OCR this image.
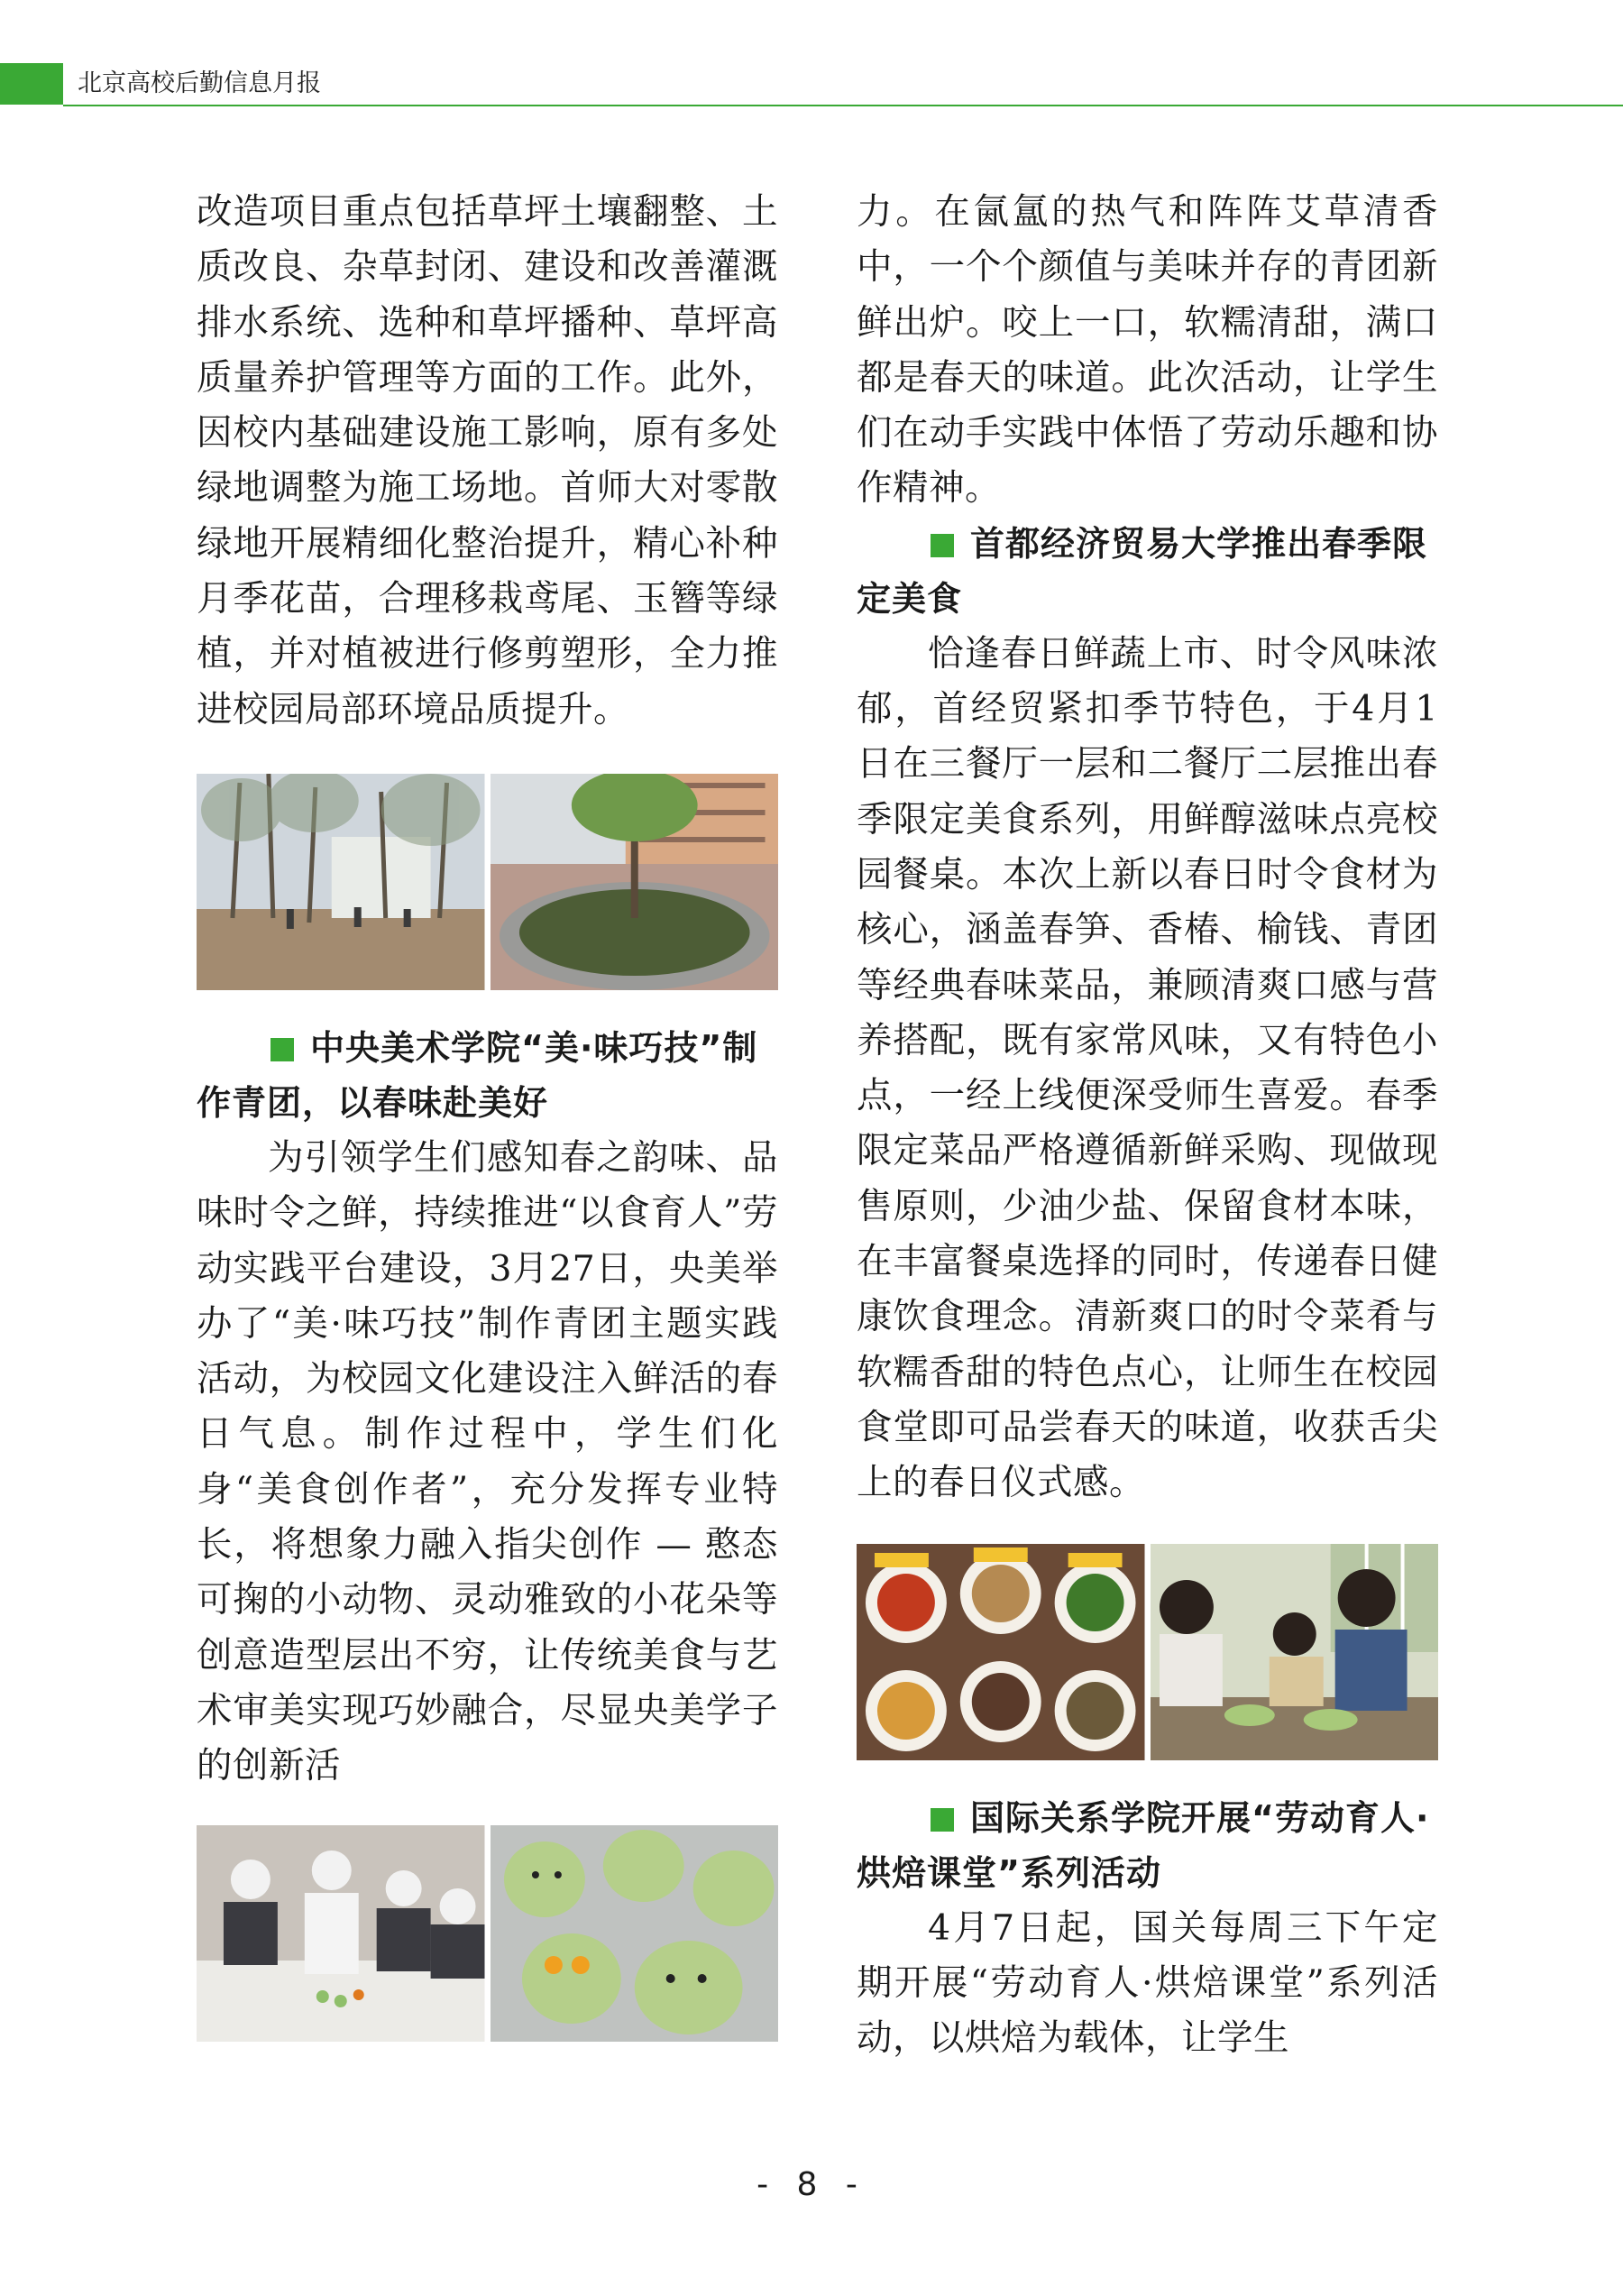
北京高校后勤信息月报

改造项目重点包括草坪土壤翻整、土质改良、杂草封闭、建设和改善灌溉排水系统、选种和草坪播种、草坪高质量养护管理等方面的工作。此外，因校内基础建设施工影响，原有多处绿地调整为施工场地。首师大对零散绿地开展精细化整治提升，精心补种月季花苗，合理移栽鸢尾、玉簪等绿植，并对植被进行修剪塑形，全力推进校园局部环境品质提升。

中央美术学院“美·味巧技”制作青团，以春味赴美好

为引领学生们感知春之韵味、品味时令之鲜，持续推进“以食育人”劳动实践平台建设，3月27日，央美举办了“美·味巧技”制作青团主题实践活动，为校园文化建设注入鲜活的春日气息。制作过程中，学生们化身“美食创作者”，充分发挥专业特长，将想象力融入指尖创作 — 憨态可掬的小动物、灵动雅致的小花朵等创意造型层出不穷，让传统美食与艺术审美实现巧妙融合，尽显央美学子的创新活

力。在氤氲的热气和阵阵艾草清香中，一个个颜值与美味并存的青团新鲜出炉。咬上一口，软糯清甜，满口都是春天的味道。此次活动，让学生们在动手实践中体悟了劳动乐趣和协作精神。

首都经济贸易大学推出春季限定美食

恰逢春日鲜蔬上市、时令风味浓郁，首经贸紧扣季节特色，于4月1日在三餐厅一层和二餐厅二层推出春季限定美食系列，用鲜醇滋味点亮校园餐桌。本次上新以春日时令食材为核心，涵盖春笋、香椿、榆钱、青团等经典春味菜品，兼顾清爽口感与营养搭配，既有家常风味，又有特色小点，一经上线便深受师生喜爱。春季限定菜品严格遵循新鲜采购、现做现售原则，少油少盐、保留食材本味，在丰富餐桌选择的同时，传递春日健康饮食理念。清新爽口的时令菜肴与软糯香甜的特色点心，让师生在校园食堂即可品尝春天的味道，收获舌尖上的春日仪式感。

国际关系学院开展“劳动育人·烘焙课堂”系列活动

4月7日起，国关每周三下午定期开展“劳动育人·烘焙课堂”系列活动，以烘焙为载体，让学生

- 8 -
